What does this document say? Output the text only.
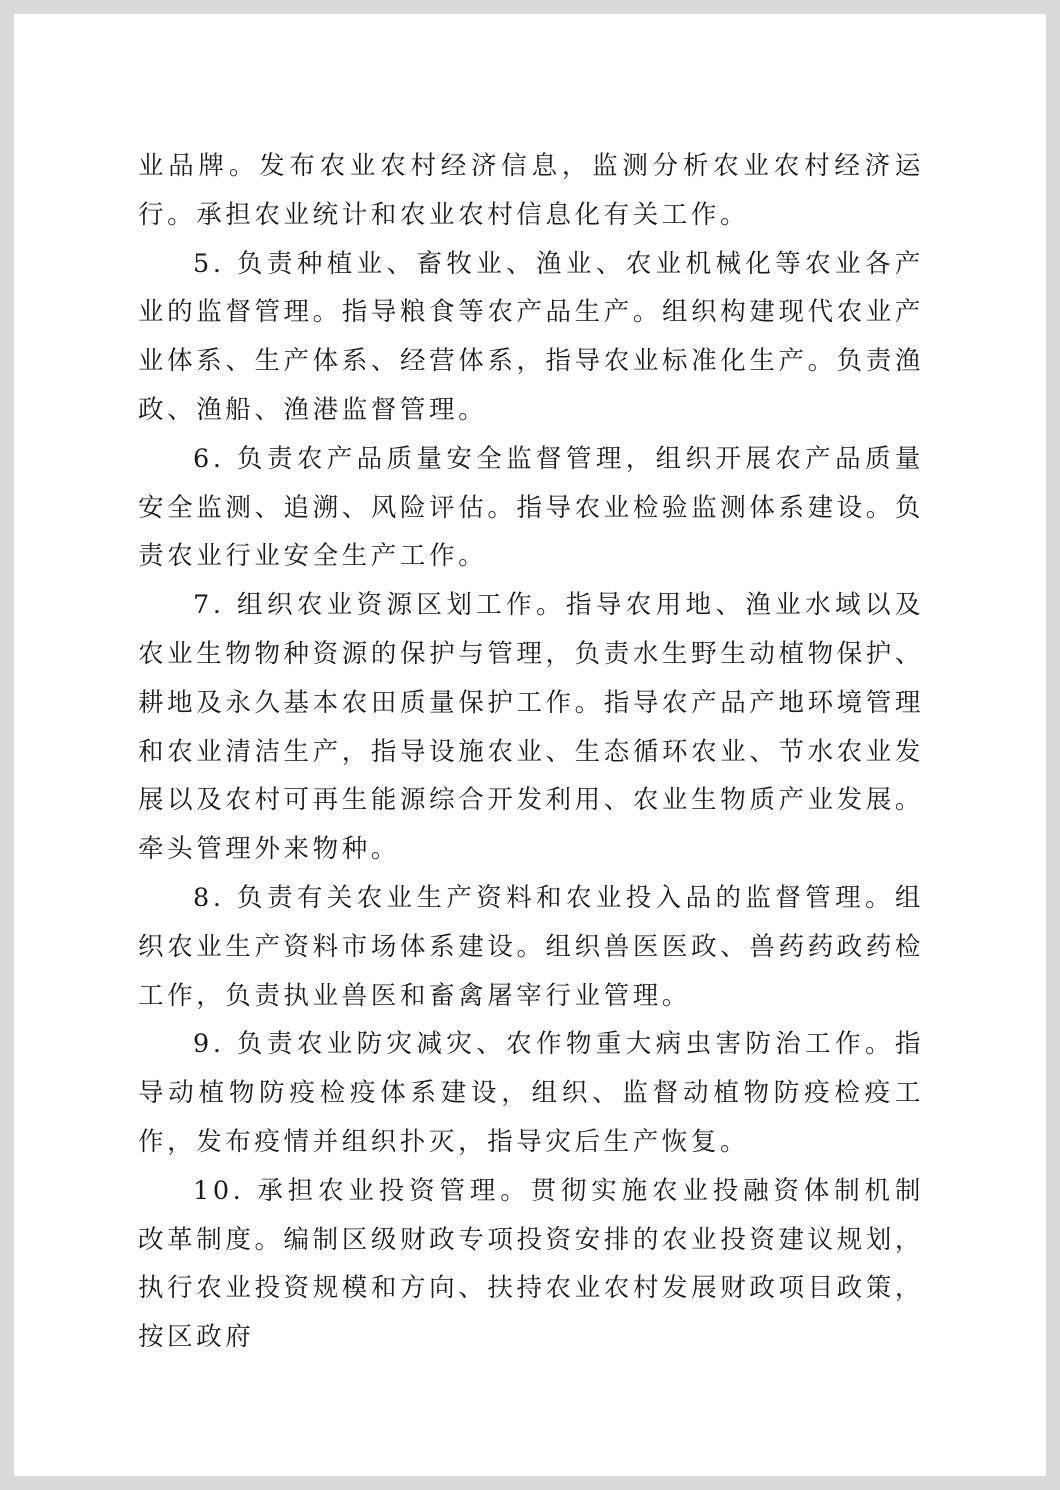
业品牌。发布农业农村经济信息，监测分析农业农村经济运行。承担农业统计和农业农村信息化有关工作。

5. 负责种植业、畜牧业、渔业、农业机械化等农业各产业的监督管理。指导粮食等农产品生产。组织构建现代农业产业体系、生产体系、经营体系，指导农业标准化生产。负责渔政、渔船、渔港监督管理。

6. 负责农产品质量安全监督管理，组织开展农产品质量安全监测、追溯、风险评估。指导农业检验监测体系建设。负责农业行业安全生产工作。

7. 组织农业资源区划工作。指导农用地、渔业水域以及农业生物物种资源的保护与管理，负责水生野生动植物保护、耕地及永久基本农田质量保护工作。指导农产品产地环境管理和农业清洁生产，指导设施农业、生态循环农业、节水农业发展以及农村可再生能源综合开发利用、农业生物质产业发展。牵头管理外来物种。

8. 负责有关农业生产资料和农业投入品的监督管理。组织农业生产资料市场体系建设。组织兽医医政、兽药药政药检工作，负责执业兽医和畜禽屠宰行业管理。

9. 负责农业防灾减灾、农作物重大病虫害防治工作。指导动植物防疫检疫体系建设，组织、监督动植物防疫检疫工作，发布疫情并组织扑灭，指导灾后生产恢复。

10. 承担农业投资管理。贯彻实施农业投融资体制机制改革制度。编制区级财政专项投资安排的农业投资建议规划，执行农业投资规模和方向、扶持农业农村发展财政项目政策，按区政府
